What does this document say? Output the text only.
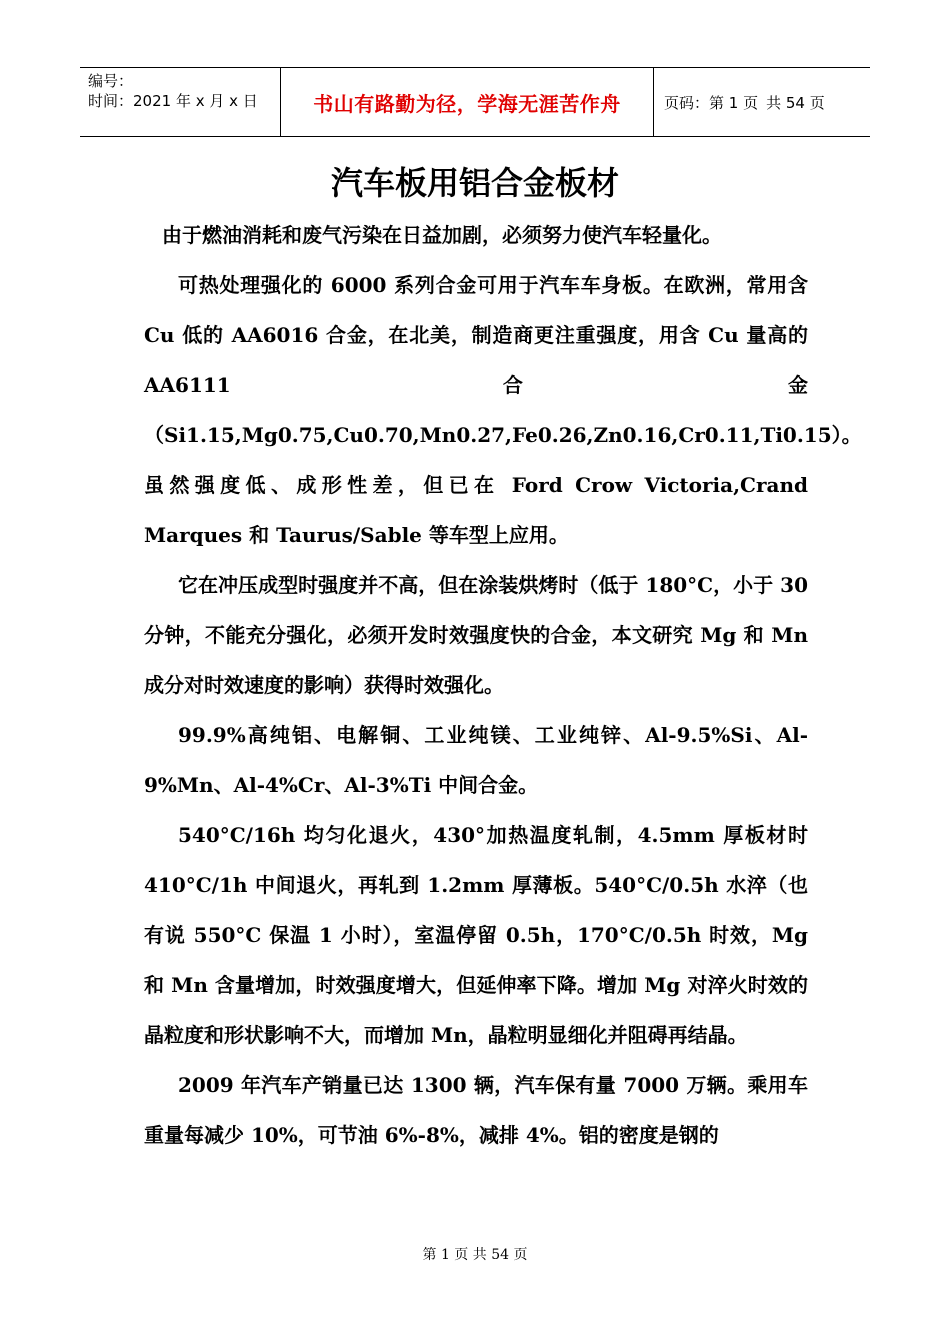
编号：
时间：2021 年 x 月 x 日	书山有路勤为径，学海无涯苦作舟	页码：第 1 页 共 54 页
汽车板用铝合金板材

由于燃油消耗和废气污染在日益加剧，必须努力使汽车轻量化。

可热处理强化的 6000 系列合金可用于汽车车身板。在欧洲，常用含 Cu 低的 AA6016 合金，在北美，制造商更注重强度，用含 Cu 量高的 AA6111 合金（Si1.15,Mg0.75,Cu0.70,Mn0.27,Fe0.26,Zn0.16,Cr0.11,Ti0.15）。虽然强度低、成形性差，但已在 Ford Crow Victoria,Crand Marques 和 Taurus/Sable 等车型上应用。

它在冲压成型时强度并不高，但在涂装烘烤时（低于 180°C，小于 30 分钟，不能充分强化，必须开发时效强度快的合金，本文研究 Mg 和 Mn 成分对时效速度的影响）获得时效强化。

99.9%高纯铝、电解铜、工业纯镁、工业纯锌、Al-9.5%Si、Al-9%Mn、Al-4%Cr、Al-3%Ti 中间合金。

540°C/16h 均匀化退火，430°加热温度轧制，4.5mm 厚板材时 410°C/1h 中间退火，再轧到 1.2mm 厚薄板。540°C/0.5h 水淬（也有说 550°C 保温 1 小时），室温停留 0.5h，170°C/0.5h 时效，Mg 和 Mn 含量增加，时效强度增大，但延伸率下降。增加 Mg 对淬火时效的晶粒度和形状影响不大，而增加 Mn，晶粒明显细化并阻碍再结晶。

2009 年汽车产销量已达 1300 辆，汽车保有量 7000 万辆。乘用车重量每减少 10%，可节油 6%-8%，减排 4%。铝的密度是钢的

第 1 页 共 54 页
